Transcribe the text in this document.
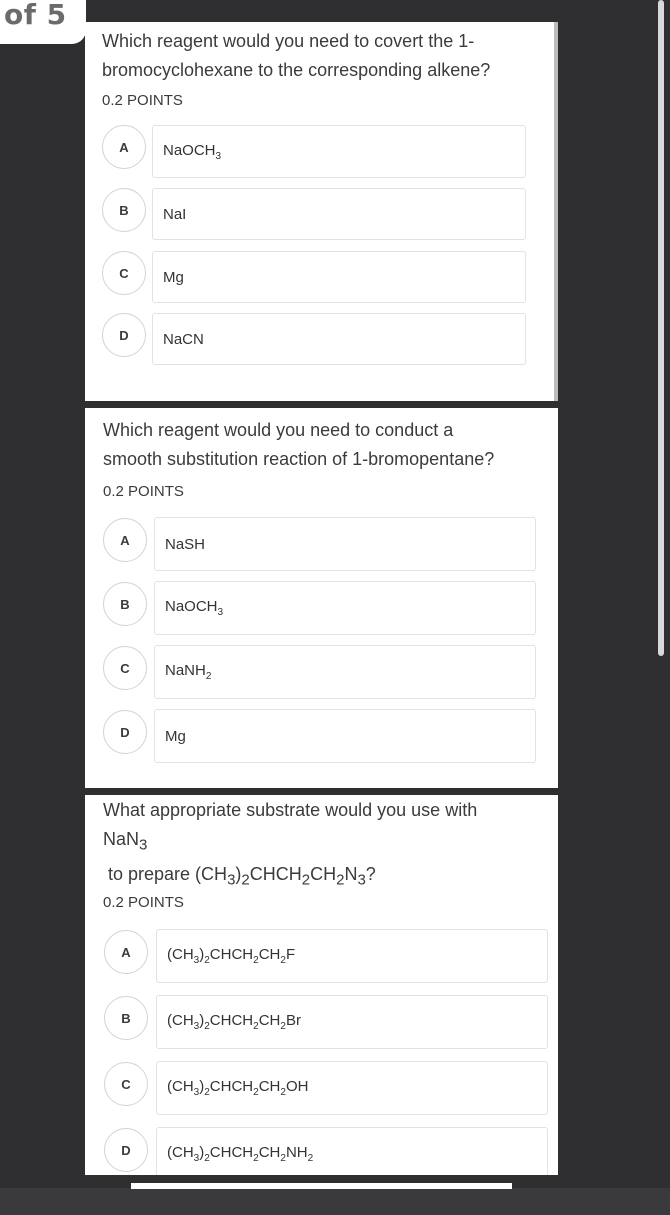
of 5
Which reagent would you need to covert the 1-
bromocyclohexane to the corresponding alkene?
0.2 POINTS
A	NaOCH$_3$
B	NaI
C	Mg
D	NaCN
Which reagent would you need to conduct a
smooth substitution reaction of 1-bromopentane?
0.2 POINTS
A	NaSH
B	NaOCH$_3$
C	NaNH$_2$
D	Mg
What appropriate substrate would you use with
NaN$_3$
to prepare $(CH_3)_2CHCH_2CH_2N_3$?
0.2 POINTS
A	$(CH_3)_2CHCH_2CH_2F$
B	$(CH_3)_2CHCH_2CH_2Br$
C	$(CH_3)_2CHCH_2CH_2OH$
D	$(CH_3)_2CHCH_2CH_2NH_2$
